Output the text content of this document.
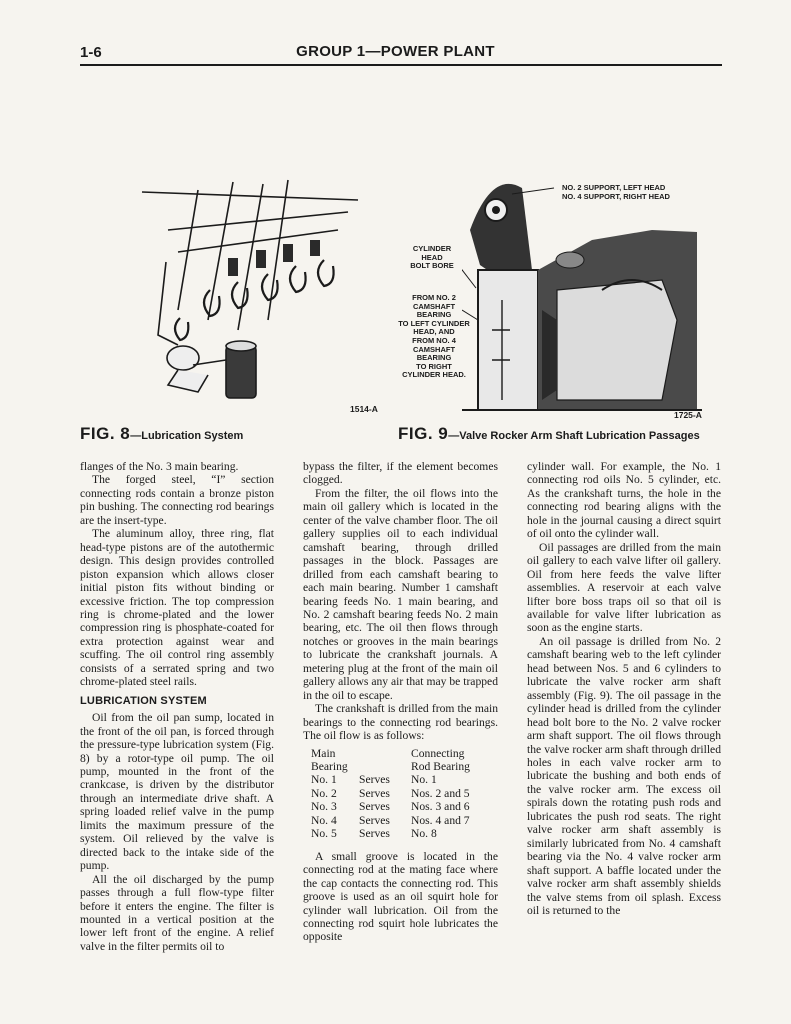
1-6	GROUP 1—POWER PLANT
1514-A
NO. 2 SUPPORT, LEFT HEAD
NO. 4 SUPPORT, RIGHT HEAD
CYLINDER HEAD
BOLT BORE
FROM NO. 2
CAMSHAFT
BEARING
TO LEFT CYLINDER
HEAD, AND
FROM NO. 4
CAMSHAFT
BEARING
TO RIGHT
CYLINDER HEAD.
1725-A
FIG. 8—Lubrication System	FIG. 9—Valve Rocker Arm Shaft Lubrication Passages

flanges of the No. 3 main bearing.

The forged steel, “I” section connecting rods contain a bronze piston pin bushing. The connecting rod bearings are the insert-type.

The aluminum alloy, three ring, flat head-type pistons are of the autothermic design. This design provides controlled piston expansion which allows closer initial piston fits without binding or excessive friction. The top compression ring is chrome-plated and the lower compression ring is phosphate-coated for extra protection against wear and scuffing. The oil control ring assembly consists of a serrated spring and two chrome-plated steel rails.

LUBRICATION SYSTEM

Oil from the oil pan sump, located in the front of the oil pan, is forced through the pressure-type lubrication system (Fig. 8) by a rotor-type oil pump. The oil pump, mounted in the front of the crankcase, is driven by the distributor through an intermediate drive shaft. A spring loaded relief valve in the pump limits the maximum pressure of the system. Oil relieved by the valve is directed back to the intake side of the pump.

All the oil discharged by the pump passes through a full flow-type filter before it enters the engine. The filter is mounted in a vertical position at the lower left front of the engine. A relief valve in the filter permits oil to

bypass the filter, if the element becomes clogged.

From the filter, the oil flows into the main oil gallery which is located in the center of the valve chamber floor. The oil gallery supplies oil to each individual camshaft bearing, through drilled passages in the block. Passages are drilled from each camshaft bearing to each main bearing. Number 1 camshaft bearing feeds No. 1 main bearing, and No. 2 camshaft bearing feeds No. 2 main bearing, etc. The oil then flows through notches or grooves in the main bearings to lubricate the crankshaft journals. A metering plug at the front of the main oil gallery allows any air that may be trapped in the oil to escape.

The crankshaft is drilled from the main bearings to the connecting rod bearings. The oil flow is as follows:

Main		Connecting
Bearing		Rod Bearing
No. 1	Serves	No. 1
No. 2	Serves	Nos. 2 and 5
No. 3	Serves	Nos. 3 and 6
No. 4	Serves	Nos. 4 and 7
No. 5	Serves	No. 8

A small groove is located in the connecting rod at the mating face where the cap contacts the connecting rod. This groove is used as an oil squirt hole for cylinder wall lubrication. Oil from the connecting rod squirt hole lubricates the opposite

cylinder wall. For example, the No. 1 connecting rod oils No. 5 cylinder, etc. As the crankshaft turns, the hole in the connecting rod bearing aligns with the hole in the journal causing a direct squirt of oil onto the cylinder wall.

Oil passages are drilled from the main oil gallery to each valve lifter oil gallery. Oil from here feeds the valve lifter assemblies. A reservoir at each valve lifter bore boss traps oil so that oil is available for valve lifter lubrication as soon as the engine starts.

An oil passage is drilled from No. 2 camshaft bearing web to the left cylinder head between Nos. 5 and 6 cylinders to lubricate the valve rocker arm shaft assembly (Fig. 9). The oil passage in the cylinder head is drilled from the cylinder head bolt bore to the No. 2 valve rocker arm shaft support. The oil flows through the valve rocker arm shaft through drilled holes in each valve rocker arm to lubricate the bushing and both ends of the valve rocker arm. The excess oil spirals down the rotating push rods and lubricates the push rod seats. The right valve rocker arm shaft assembly is similarly lubricated from No. 4 camshaft bearing via the No. 4 valve rocker arm shaft support. A baffle located under the valve rocker arm shaft assembly shields the valve stems from oil splash. Excess oil is returned to the
